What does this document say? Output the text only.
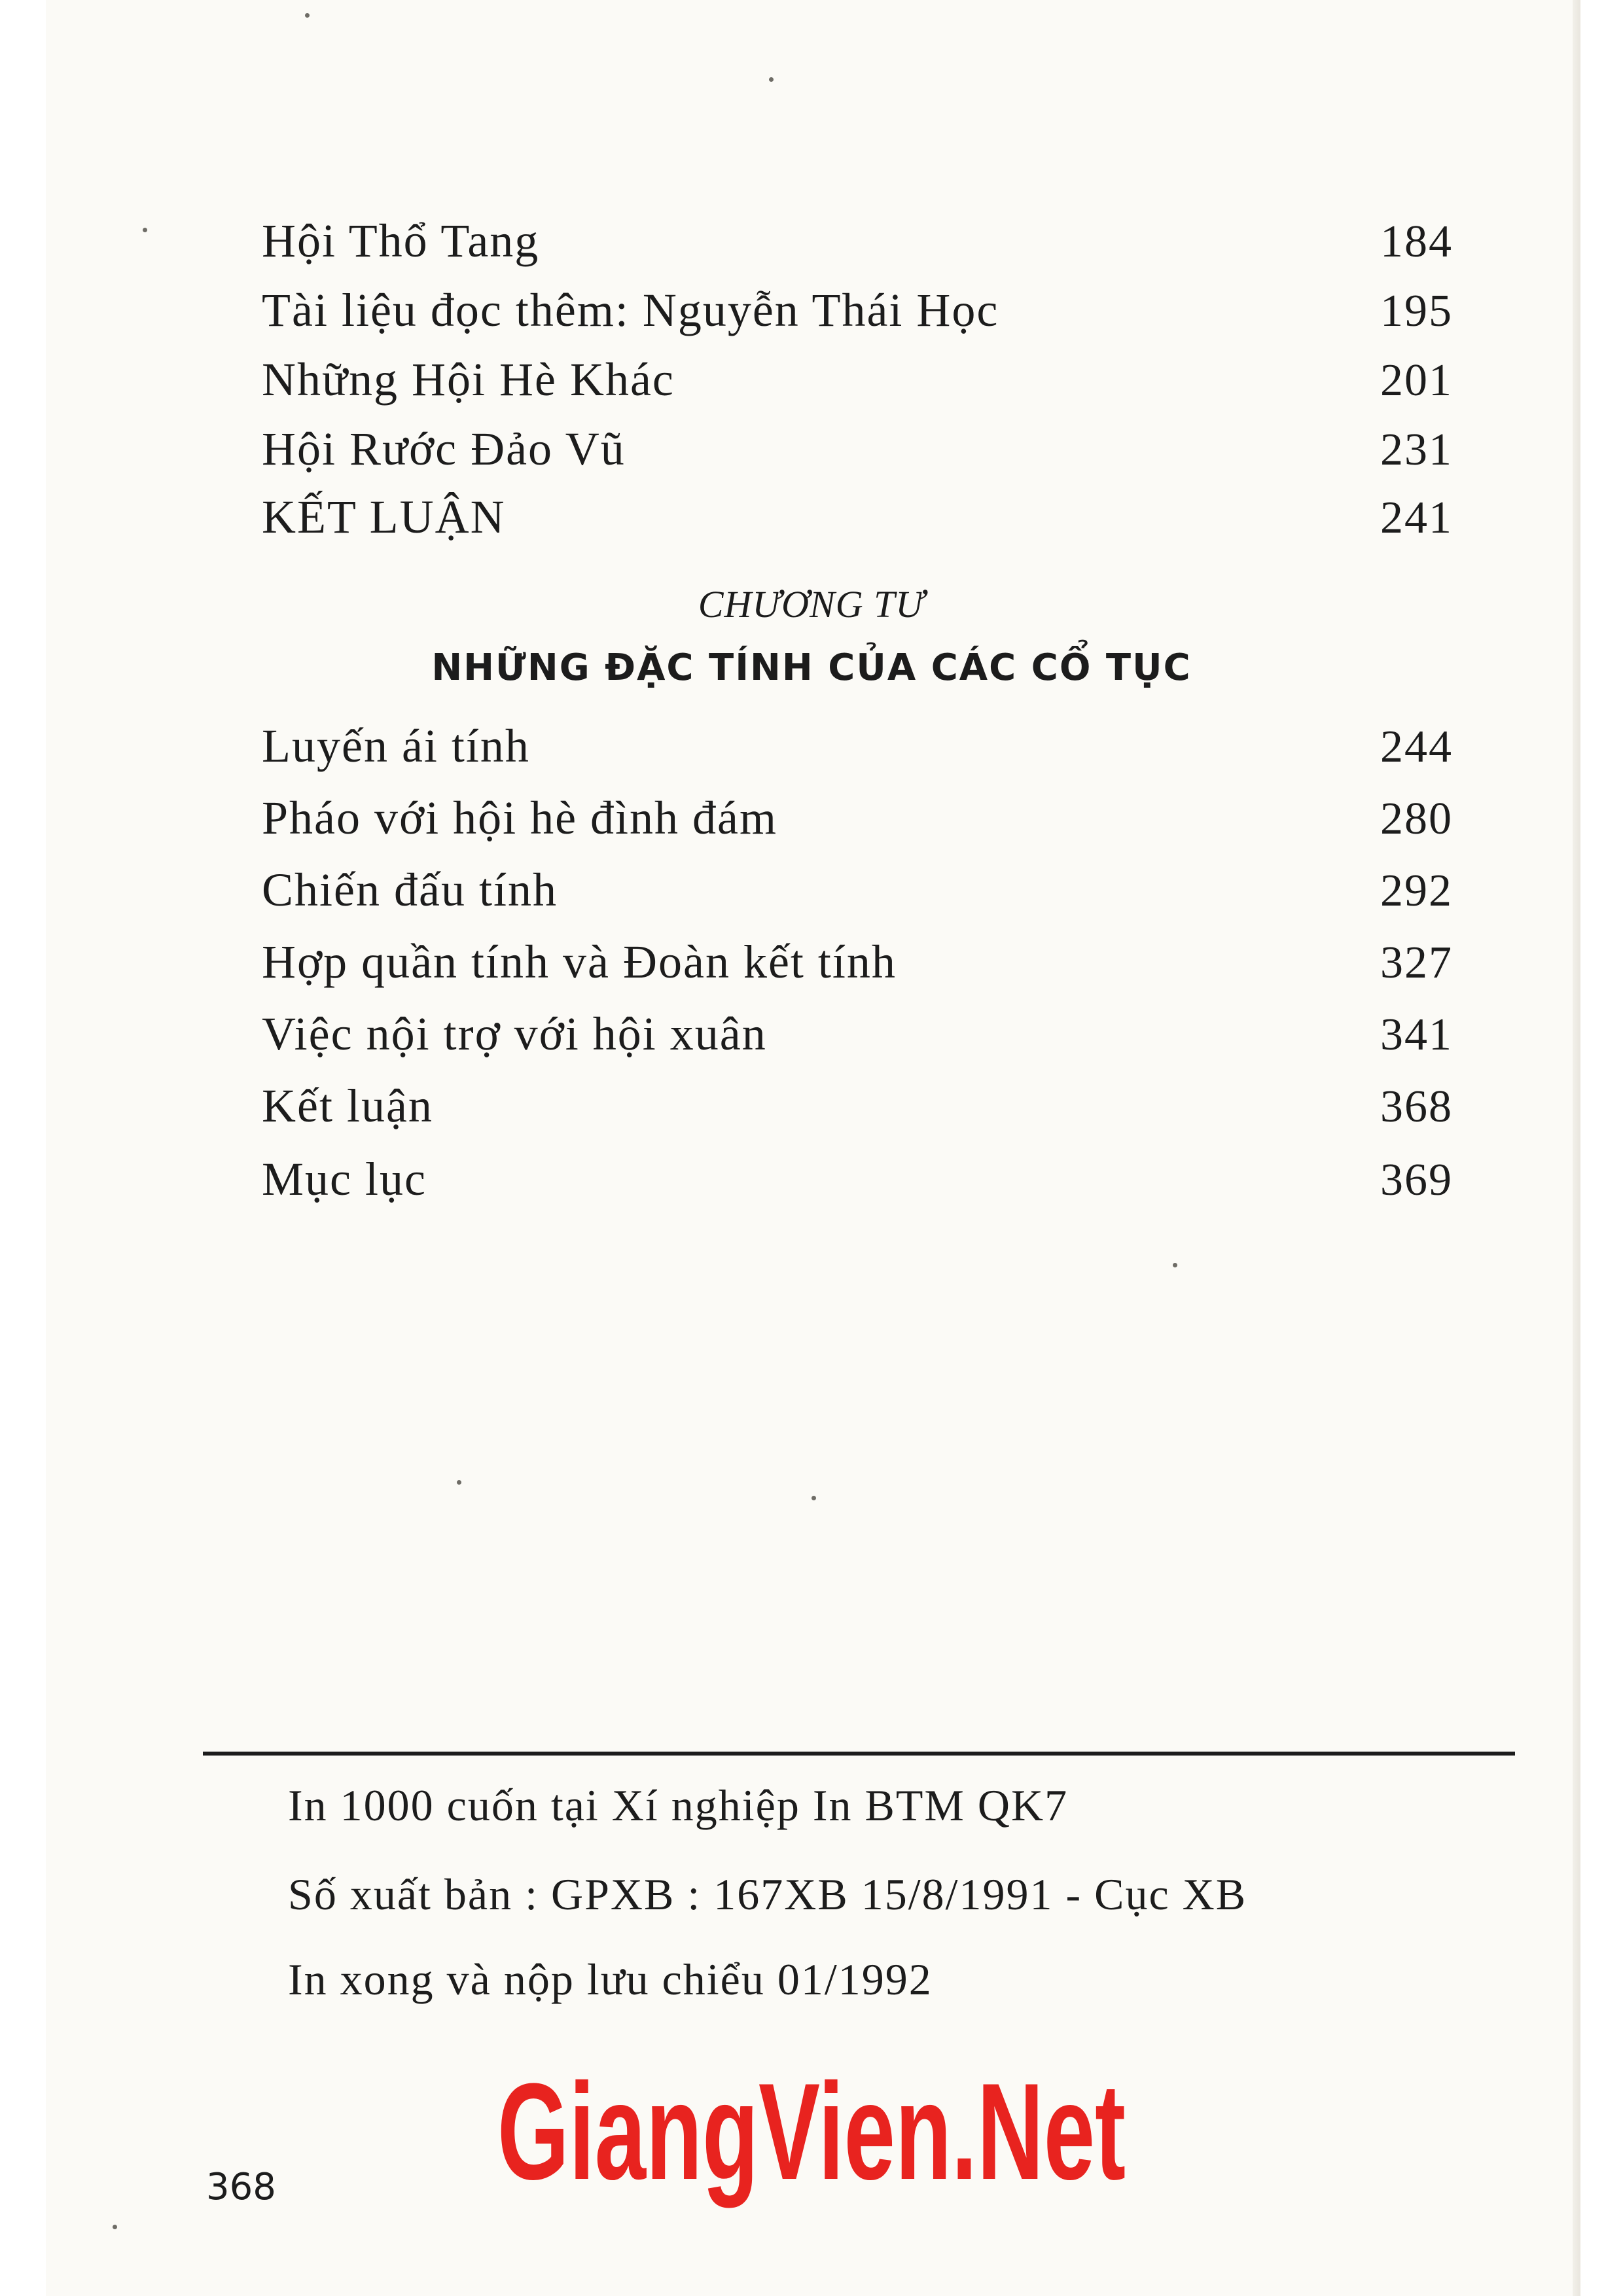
Hội Thổ Tang	184
Tài liệu đọc thêm: Nguyễn Thái Học	195
Những Hội Hè Khác	201
Hội Rước Đảo Vũ	231
KẾT LUẬN	241
CHƯƠNG TƯ
NHỮNG ĐẶC TÍNH CỦA CÁC CỔ TỤC
Luyến ái tính	244
Pháo với hội hè đình đám	280
Chiến đấu tính	292
Hợp quần tính và Đoàn kết tính	327
Việc nội trợ với hội xuân	341
Kết luận	368
Mục lục	369
In 1000 cuốn tại Xí nghiệp In BTM QK7
Số xuất bản : GPXB : 167XB 15/8/1991 - Cục XB
In xong và nộp lưu chiểu 01/1992
368 GiangVien.Net
